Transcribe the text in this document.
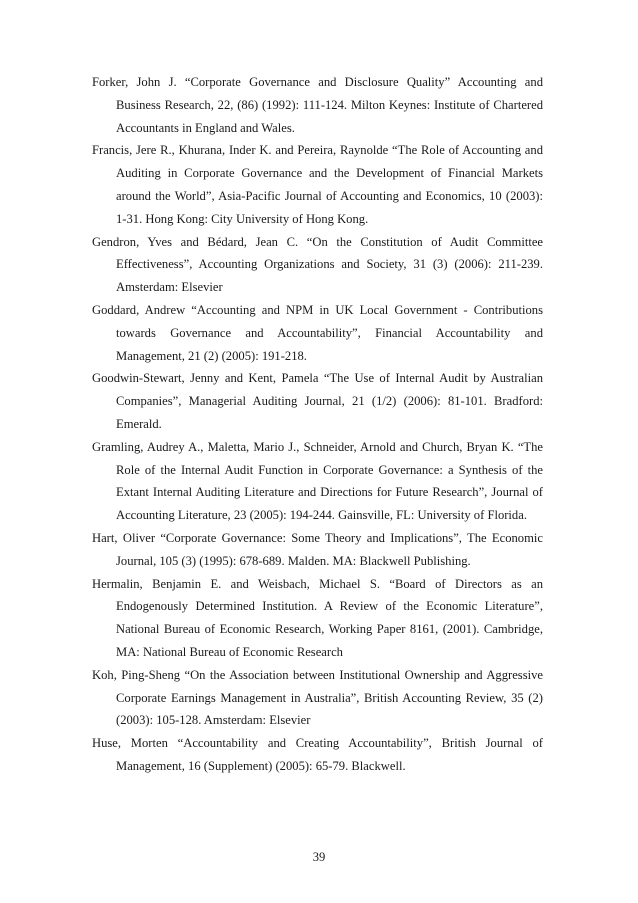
Forker, John J. “Corporate Governance and Disclosure Quality” Accounting and Business Research, 22, (86) (1992): 111-124. Milton Keynes: Institute of Chartered Accountants in England and Wales.

Francis, Jere R., Khurana, Inder K. and Pereira, Raynolde “The Role of Accounting and Auditing in Corporate Governance and the Development of Financial Markets around the World”, Asia-Pacific Journal of Accounting and Economics, 10 (2003): 1-31. Hong Kong: City University of Hong Kong.

Gendron, Yves and Bédard, Jean C. “On the Constitution of Audit Committee Effectiveness”, Accounting Organizations and Society, 31 (3) (2006): 211-239. Amsterdam: Elsevier

Goddard, Andrew “Accounting and NPM in UK Local Government - Contributions towards Governance and Accountability”, Financial Accountability and Management, 21 (2) (2005): 191-218.

Goodwin-Stewart, Jenny and Kent, Pamela “The Use of Internal Audit by Australian Companies”, Managerial Auditing Journal, 21 (1/2) (2006): 81-101. Bradford: Emerald.

Gramling, Audrey A., Maletta, Mario J., Schneider, Arnold and Church, Bryan K. “The Role of the Internal Audit Function in Corporate Governance: a Synthesis of the Extant Internal Auditing Literature and Directions for Future Research”, Journal of Accounting Literature, 23 (2005): 194-244. Gainsville, FL: University of Florida.

Hart, Oliver “Corporate Governance: Some Theory and Implications”, The Economic Journal, 105 (3) (1995): 678-689. Malden. MA: Blackwell Publishing.

Hermalin, Benjamin E. and Weisbach, Michael S. “Board of Directors as an Endogenously Determined Institution. A Review of the Economic Literature”, National Bureau of Economic Research, Working Paper 8161, (2001). Cambridge, MA: National Bureau of Economic Research

Koh, Ping-Sheng “On the Association between Institutional Ownership and Aggressive Corporate Earnings Management in Australia”, British Accounting Review, 35 (2) (2003): 105-128. Amsterdam: Elsevier

Huse, Morten “Accountability and Creating Accountability”, British Journal of Management, 16 (Supplement) (2005): 65-79. Blackwell.

39
